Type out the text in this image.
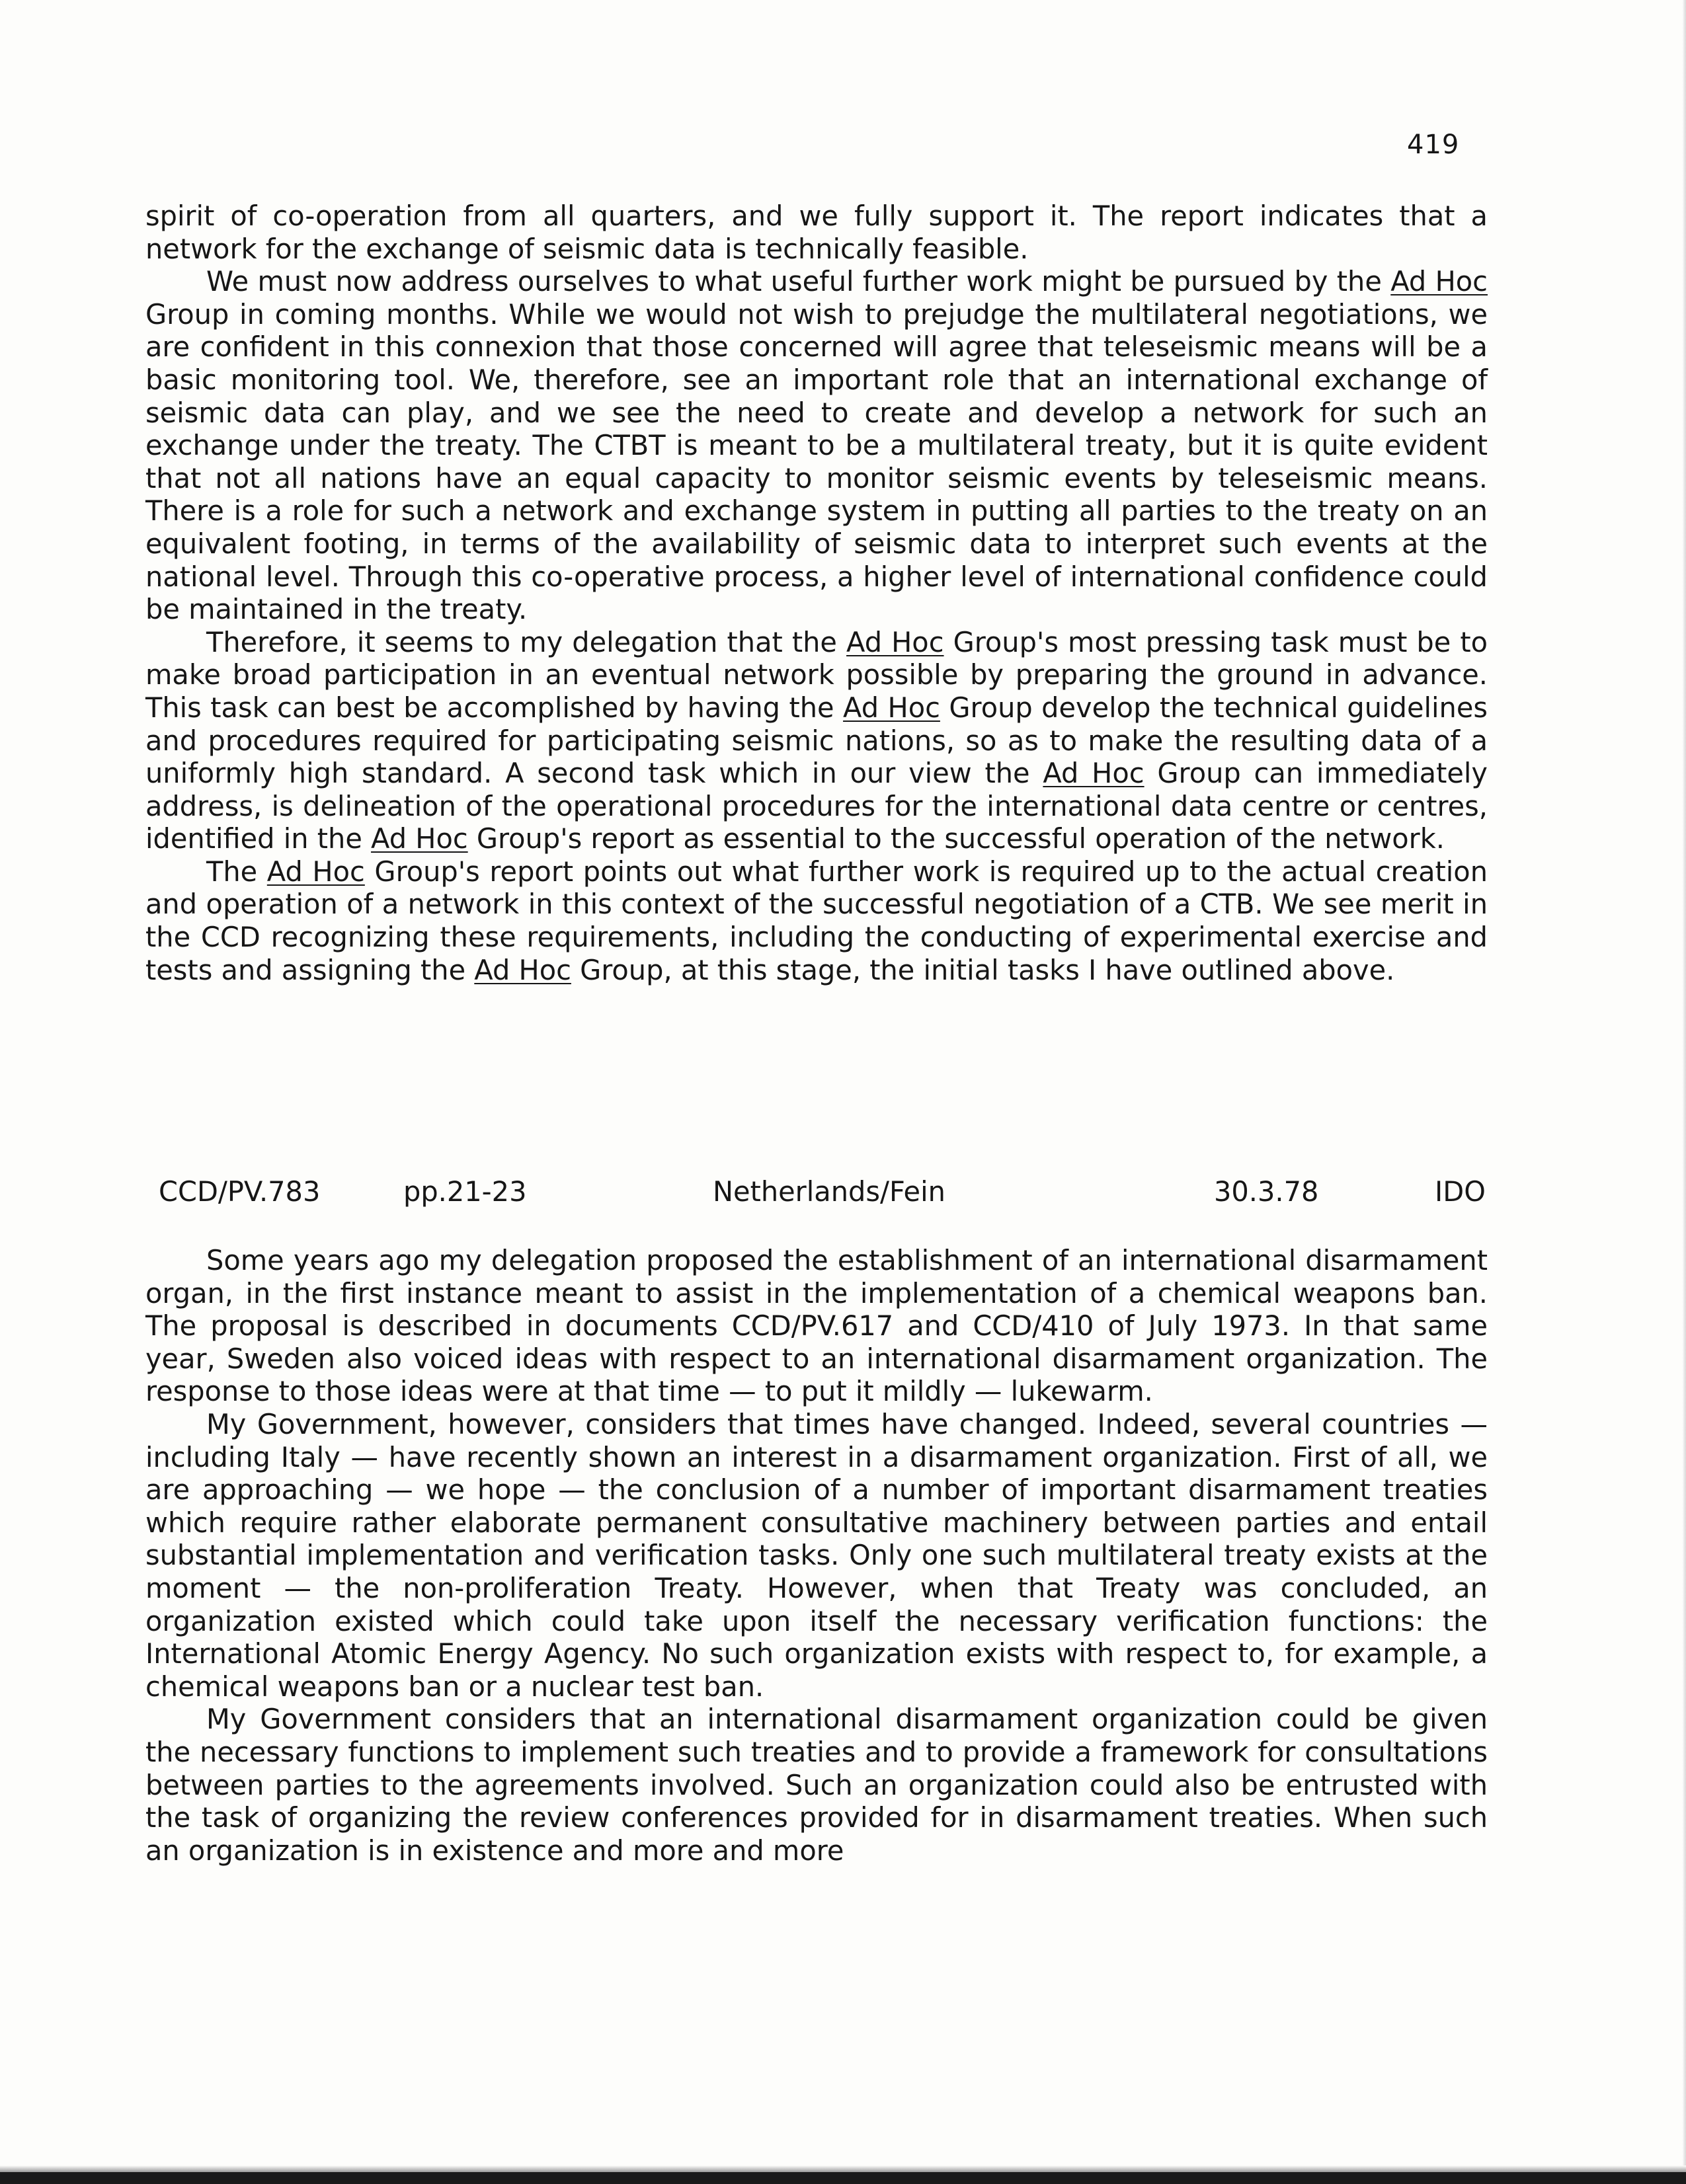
419

spirit of co-operation from all quarters, and we fully support it. The report indicates that a network for the exchange of seismic data is technically feasible.

We must now address ourselves to what useful further work might be pursued by the Ad Hoc Group in coming months. While we would not wish to prejudge the multilateral negotiations, we are confident in this connexion that those concerned will agree that teleseismic means will be a basic monitoring tool. We, therefore, see an important role that an international exchange of seismic data can play, and we see the need to create and develop a network for such an exchange under the treaty. The CTBT is meant to be a multilateral treaty, but it is quite evident that not all nations have an equal capacity to monitor seismic events by teleseismic means. There is a role for such a network and exchange system in putting all parties to the treaty on an equivalent footing, in terms of the availability of seismic data to interpret such events at the national level. Through this co-operative process, a higher level of international confidence could be maintained in the treaty.

Therefore, it seems to my delegation that the Ad Hoc Group's most pressing task must be to make broad participation in an eventual network possible by preparing the ground in advance. This task can best be accomplished by having the Ad Hoc Group develop the technical guidelines and procedures required for participating seismic nations, so as to make the resulting data of a uniformly high standard. A second task which in our view the Ad Hoc Group can immediately address, is delineation of the operational procedures for the international data centre or centres, identified in the Ad Hoc Group's report as essential to the successful operation of the network.

The Ad Hoc Group's report points out what further work is required up to the actual creation and operation of a network in this context of the successful negotiation of a CTB. We see merit in the CCD recognizing these requirements, including the conducting of experimental exercise and tests and assigning the Ad Hoc Group, at this stage, the initial tasks I have outlined above.

CCD/PV.783	pp.21-23	Netherlands/Fein	30.3.78	IDO

Some years ago my delegation proposed the establishment of an international disarmament organ, in the first instance meant to assist in the implementation of a chemical weapons ban. The proposal is described in documents CCD/PV.617 and CCD/410 of July 1973. In that same year, Sweden also voiced ideas with respect to an international disarmament organization. The response to those ideas were at that time — to put it mildly — lukewarm.

My Government, however, considers that times have changed. Indeed, several countries — including Italy — have recently shown an interest in a disarmament organization. First of all, we are approaching — we hope — the conclusion of a number of important disarmament treaties which require rather elaborate permanent consultative machinery between parties and entail substantial implementation and verification tasks. Only one such multilateral treaty exists at the moment — the non-proliferation Treaty. However, when that Treaty was concluded, an organization existed which could take upon itself the necessary verification functions: the International Atomic Energy Agency. No such organization exists with respect to, for example, a chemical weapons ban or a nuclear test ban.

My Government considers that an international disarmament organization could be given the necessary functions to implement such treaties and to provide a framework for consultations between parties to the agreements involved. Such an organization could also be entrusted with the task of organizing the review conferences provided for in disarmament treaties. When such an organization is in existence and more and more
